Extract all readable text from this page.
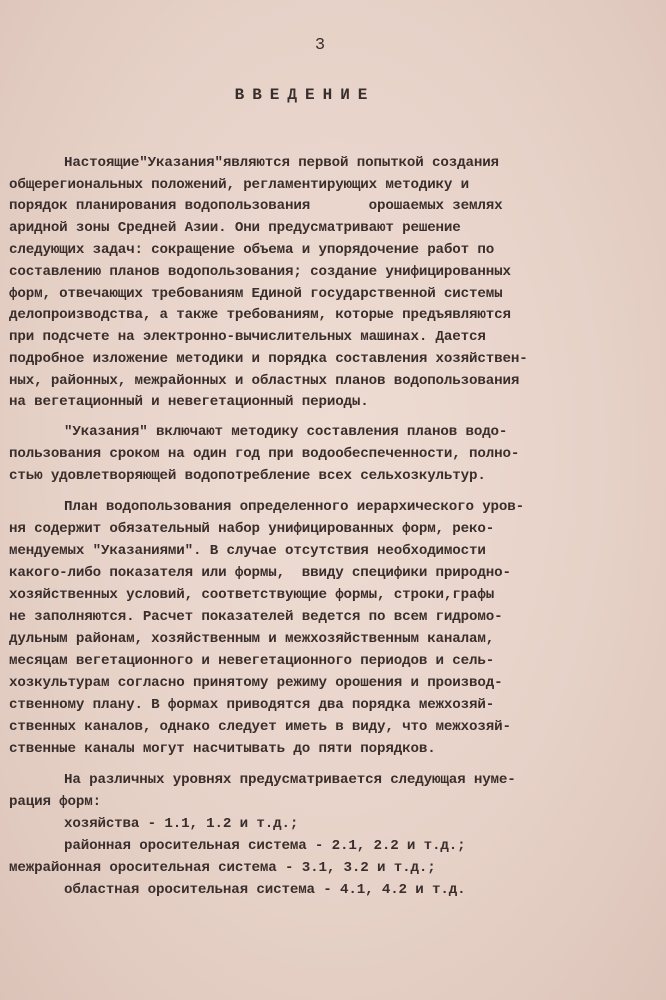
3
ВВЕДЕНИЕ
Настоящие"Указания"являются первой попыткой создания
общерегиональных положений, регламентирующих методику и
порядок планирования водопользования       орошаемых землях
аридной зоны Средней Азии. Они предусматривают решение
следующих задач: сокращение объема и упорядочение работ по
составлению планов водопользования; создание унифицированных
форм, отвечающих требованиям Единой государственной системы
делопроизводства, а также требованиям, которые предъявляются
при подсчете на электронно-вычислительных машинах. Дается
подробное изложение методики и порядка составления хозяйствен-
ных, районных, межрайонных и областных планов водопользования
на вегетационный и невегетационный периоды.
"Указания" включают методику составления планов водо-
пользования сроком на один год при водообеспеченности, полно-
стью удовлетворяющей водопотребление всех сельхозкультур.
План водопользования определенного иерархического уров-
ня содержит обязательный набор унифицированных форм, реко-
мендуемых "Указаниями". В случае отсутствия необходимости
какого-либо показателя или формы,  ввиду специфики природно-
хозяйственных условий, соответствующие формы, строки,графы
не заполняются. Расчет показателей ведется по всем гидромо-
дульным районам, хозяйственным и межхозяйственным каналам,
месяцам вегетационного и невегетационного периодов и сель-
хозкультурам согласно принятому режиму орошения и производ-
ственному плану. В формах приводятся два порядка межхозяй-
ственных каналов, однако следует иметь в виду, что межхозяй-
ственные каналы могут насчитывать до пяти порядков.
На различных уровнях предусматривается следующая нуме-
рация форм:
хозяйства - 1.1, 1.2 и т.д.;
районная оросительная система - 2.1, 2.2 и т.д.;
межрайонная оросительная система - 3.1, 3.2 и т.д.;
областная оросительная система - 4.1, 4.2 и т.д.
